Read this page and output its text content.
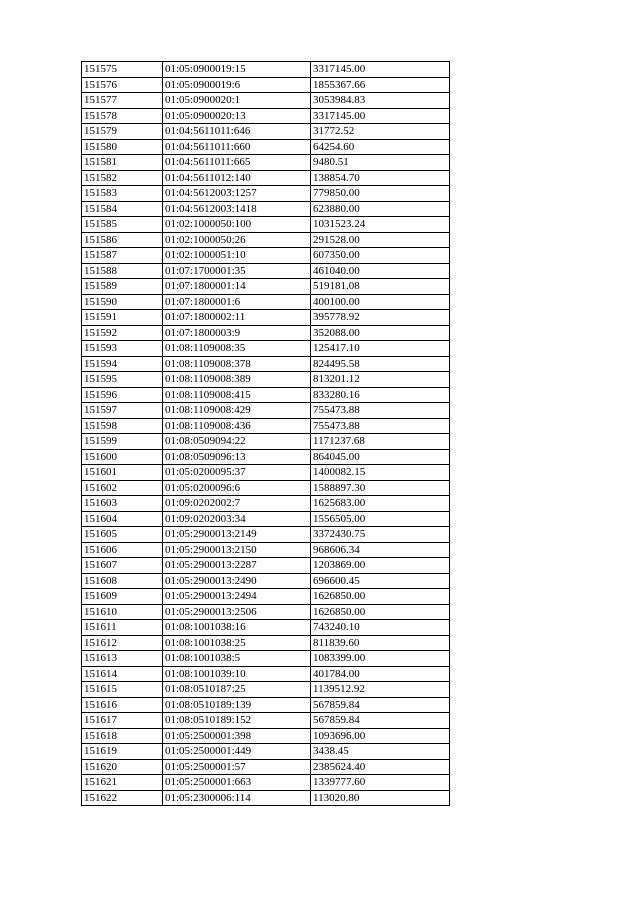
151575	01:05:0900019:15	3317145.00
151576	01:05:0900019:6	1855367.66
151577	01:05:0900020:1	3053984.83
151578	01:05:0900020:13	3317145.00
151579	01:04:5611011:646	31772.52
151580	01:04:5611011:660	64254.60
151581	01:04:5611011:665	9480.51
151582	01:04:5611012:140	138854.70
151583	01:04:5612003:1257	779850.00
151584	01:04:5612003:1418	623880.00
151585	01:02:1000050:100	1031523.24
151586	01:02:1000050:26	291528.00
151587	01:02:1000051:10	607350.00
151588	01:07:1700001:35	461040.00
151589	01:07:1800001:14	519181.08
151590	01:07:1800001:6	400100.00
151591	01:07:1800002:11	395778.92
151592	01:07:1800003:9	352088.00
151593	01:08:1109008:35	125417.10
151594	01:08:1109008:378	824495.58
151595	01:08:1109008:389	813201.12
151596	01:08:1109008:415	833280.16
151597	01:08:1109008:429	755473.88
151598	01:08:1109008:436	755473.88
151599	01:08:0509094:22	1171237.68
151600	01:08:0509096:13	864045.00
151601	01:05:0200095:37	1400082.15
151602	01:05:0200096:6	1588897.30
151603	01:09:0202002:7	1625683.00
151604	01:09:0202003:34	1556505.00
151605	01:05:2900013:2149	3372430.75
151606	01:05:2900013:2150	968606.34
151607	01:05:2900013:2287	1203869.00
151608	01:05:2900013:2490	696600.45
151609	01:05:2900013:2494	1626850.00
151610	01:05:2900013:2506	1626850.00
151611	01:08:1001038:16	743240.10
151612	01:08:1001038:25	811839.60
151613	01:08:1001038:5	1083399.00
151614	01:08:1001039:10	401784.00
151615	01:08:0510187:25	1139512.92
151616	01:08:0510189:139	567859.84
151617	01:08:0510189:152	567859.84
151618	01:05:2500001:398	1093696.00
151619	01:05:2500001:449	3438.45
151620	01:05:2500001:57	2385624.40
151621	01:05:2500001:663	1339777.60
151622	01:05:2300006:114	113020.80
